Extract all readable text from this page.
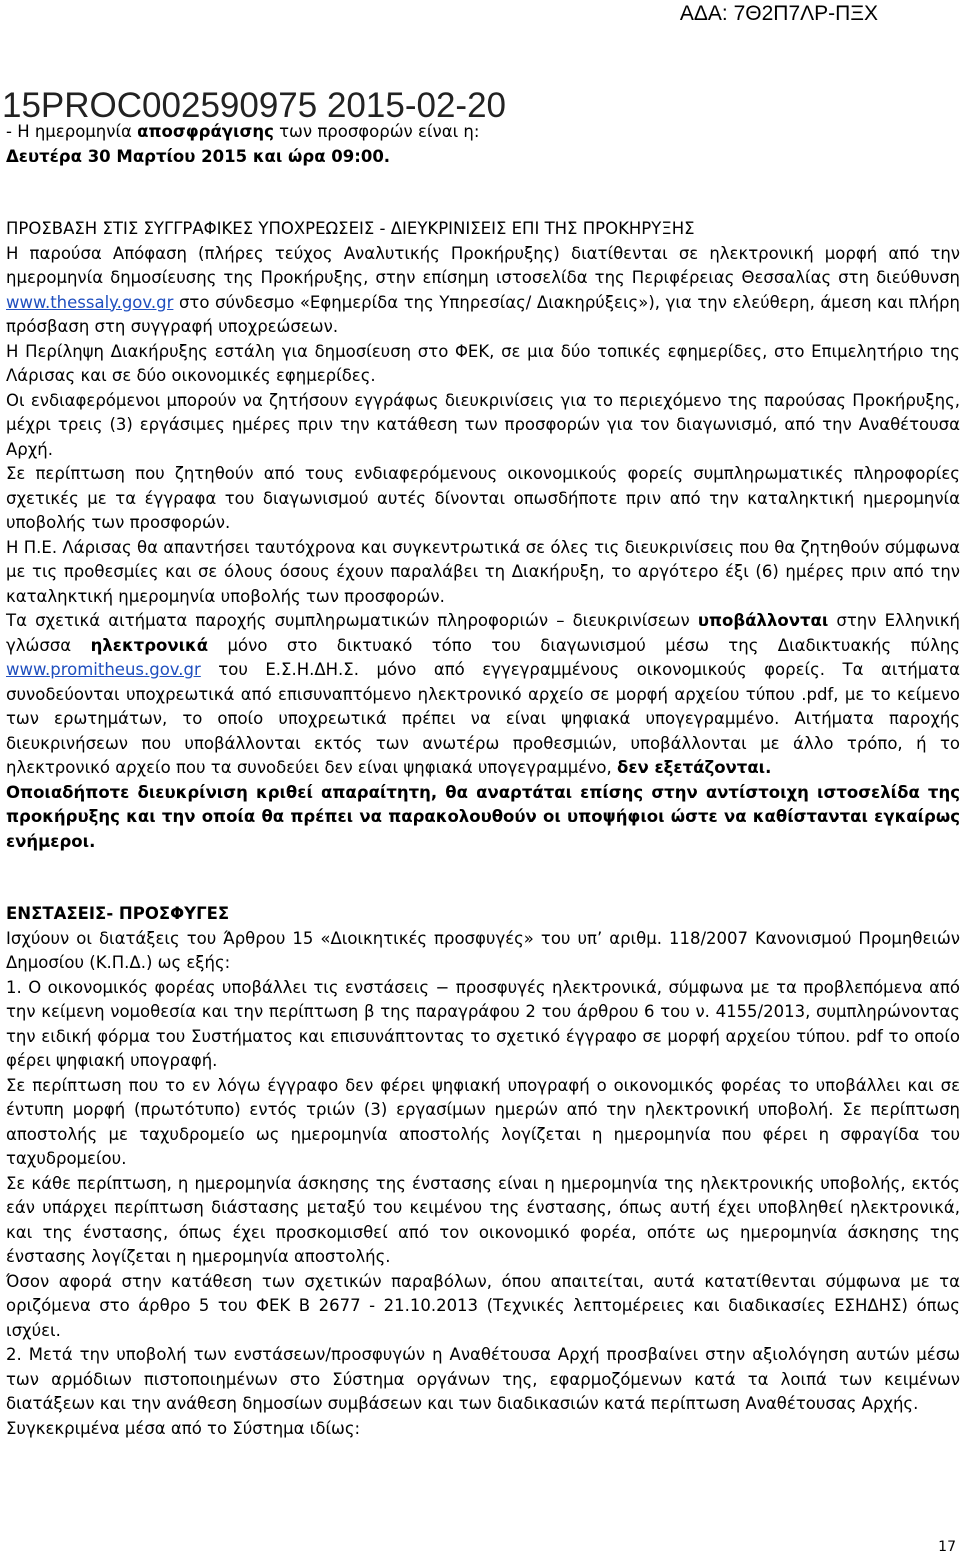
ΑΔΑ: 7Θ2Π7ΛΡ-ΠΞΧ
15PROC002590975 2015-02-20

- Η ημερομηνία αποσφράγισης των προσφορών είναι η:

Δευτέρα 30 Μαρτίου 2015 και ώρα 09:00.

ΠΡΟΣΒΑΣΗ ΣΤΙΣ ΣΥΓΓΡΑΦΙΚΕΣ ΥΠΟΧΡΕΩΣΕΙΣ - ΔΙΕΥΚΡΙΝΙΣΕΙΣ ΕΠΙ ΤΗΣ ΠΡΟΚΗΡΥΞΗΣ

Η παρούσα Απόφαση (πλήρες τεύχος Αναλυτικής Προκήρυξης) διατίθενται σε ηλεκτρονική μορφή από την ημερομηνία δημοσίευσης της Προκήρυξης, στην επίσημη ιστοσελίδα της Περιφέρειας Θεσσαλίας στη διεύθυνση www.thessaly.gov.gr στο σύνδεσμο «Εφημερίδα της Υπηρεσίας/ Διακηρύξεις»), για την ελεύθερη, άμεση και πλήρη πρόσβαση στη συγγραφή υποχρεώσεων.

Η Περίληψη Διακήρυξης εστάλη για δημοσίευση στο ΦΕΚ, σε μια δύο τοπικές εφημερίδες, στο Επιμελητήριο της Λάρισας και σε δύο οικονομικές εφημερίδες.

Οι ενδιαφερόμενοι μπορούν να ζητήσουν εγγράφως διευκρινίσεις για το περιεχόμενο της παρούσας Προκήρυξης, μέχρι τρεις (3) εργάσιμες ημέρες πριν την κατάθεση των προσφορών για τον διαγωνισμό, από την Αναθέτουσα Αρχή.

Σε περίπτωση που ζητηθούν από τους ενδιαφερόμενους οικονομικούς φορείς συμπληρωματικές πληροφορίες σχετικές με τα έγγραφα του διαγωνισμού αυτές δίνονται οπωσδήποτε πριν από την καταληκτική ημερομηνία υποβολής των προσφορών.

Η Π.Ε. Λάρισας θα απαντήσει ταυτόχρονα και συγκεντρωτικά σε όλες τις διευκρινίσεις που θα ζητηθούν σύμφωνα με τις προθεσμίες και σε όλους όσους έχουν παραλάβει τη Διακήρυξη, το αργότερο έξι (6) ημέρες πριν από την καταληκτική ημερομηνία υποβολής των προσφορών.

Τα σχετικά αιτήματα παροχής συμπληρωματικών πληροφοριών – διευκρινίσεων υποβάλλονται στην Ελληνική γλώσσα ηλεκτρονικά μόνο στο δικτυακό τόπο του διαγωνισμού μέσω της Διαδικτυακής πύλης www.promitheus.gov.gr του Ε.Σ.Η.ΔΗ.Σ. μόνο από εγγεγραμμένους οικονομικούς φορείς. Τα αιτήματα συνοδεύονται υποχρεωτικά από επισυναπτόμενο ηλεκτρονικό αρχείο σε μορφή αρχείου τύπου .pdf, με το κείμενο των ερωτημάτων, το οποίο υποχρεωτικά πρέπει να είναι ψηφιακά υπογεγραμμένο. Αιτήματα παροχής διευκρινήσεων που υποβάλλονται εκτός των ανωτέρω προθεσμιών, υποβάλλονται με άλλο τρόπο, ή το ηλεκτρονικό αρχείο που τα συνοδεύει δεν είναι ψηφιακά υπογεγραμμένο, δεν εξετάζονται.

Οποιαδήποτε διευκρίνιση κριθεί απαραίτητη, θα αναρτάται επίσης στην αντίστοιχη ιστοσελίδα της προκήρυξης και την οποία θα πρέπει να παρακολουθούν οι υποψήφιοι ώστε να καθίστανται εγκαίρως ενήμεροι.

ΕΝΣΤΑΣΕΙΣ- ΠΡΟΣΦΥΓΕΣ

Ισχύουν οι διατάξεις του Άρθρου 15 «Διοικητικές προσφυγές» του υπ’ αριθμ. 118/2007 Κανονισμού Προμηθειών Δημοσίου (Κ.Π.Δ.) ως εξής:

1. Ο οικονομικός φορέας υποβάλλει τις ενστάσεις − προσφυγές ηλεκτρονικά, σύμφωνα με τα προβλεπόμενα από την κείμενη νομοθεσία και την περίπτωση β της παραγράφου 2 του άρθρου 6 του ν. 4155/2013, συμπληρώνοντας την ειδική φόρμα του Συστήματος και επισυνάπτοντας το σχετικό έγγραφο σε μορφή αρχείου τύπου. pdf το οποίο φέρει ψηφιακή υπογραφή.

Σε περίπτωση που το εν λόγω έγγραφο δεν φέρει ψηφιακή υπογραφή ο οικονομικός φορέας το υποβάλλει και σε έντυπη μορφή (πρωτότυπο) εντός τριών (3) εργασίμων ημερών από την ηλεκτρονική υποβολή. Σε περίπτωση αποστολής με ταχυδρομείο ως ημερομηνία αποστολής λογίζεται η ημερομηνία που φέρει η σφραγίδα του ταχυδρομείου.

Σε κάθε περίπτωση, η ημερομηνία άσκησης της ένστασης είναι η ημερομηνία της ηλεκτρονικής υποβολής, εκτός εάν υπάρχει περίπτωση διάστασης μεταξύ του κειμένου της ένστασης, όπως αυτή έχει υποβληθεί ηλεκτρονικά, και της ένστασης, όπως έχει προσκομισθεί από τον οικονομικό φορέα, οπότε ως ημερομηνία άσκησης της ένστασης λογίζεται η ημερομηνία αποστολής.

Όσον αφορά στην κατάθεση των σχετικών παραβόλων, όπου απαιτείται, αυτά κατατίθενται σύμφωνα με τα οριζόμενα στο άρθρο 5 του ΦΕΚ Β 2677 - 21.10.2013 (Τεχνικές λεπτομέρειες και διαδικασίες ΕΣΗΔΗΣ) όπως ισχύει.

2. Μετά την υποβολή των ενστάσεων/προσφυγών η Αναθέτουσα Αρχή προσβαίνει στην αξιολόγηση αυτών μέσω των αρμόδιων πιστοποιημένων στο Σύστημα οργάνων της, εφαρμοζόμενων κατά τα λοιπά των κειμένων διατάξεων και την ανάθεση δημοσίων συμβάσεων και των διαδικασιών κατά περίπτωση Αναθέτουσας Αρχής.

Συγκεκριμένα μέσα από το Σύστημα ιδίως:

17
